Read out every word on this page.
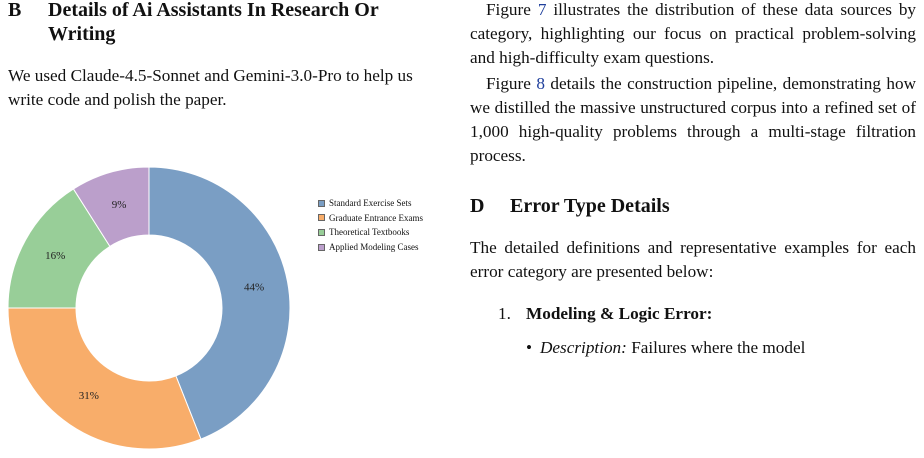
B	Details of Ai Assistants In Research Or Writing

We used Claude-4.5-Sonnet and Gemini-3.0-Pro to help us write code and polish the paper.

44%
31%
16%
9%	Standard Exercise Sets
Graduate Entrance Exams
Theoretical Textbooks
Applied Modeling Cases

Figure 7 illustrates the distribution of these data sources by category, highlighting our focus on practical problem-solving and high-difficulty exam questions.

Figure 8 details the construction pipeline, demonstrating how we distilled the massive unstructured corpus into a refined set of 1,000 high-quality problems through a multi-stage filtration process.

D	Error Type Details

The detailed definitions and representative examples for each error category are presented below:

1. Modeling & Logic Error:
• Description: Failures where the model
